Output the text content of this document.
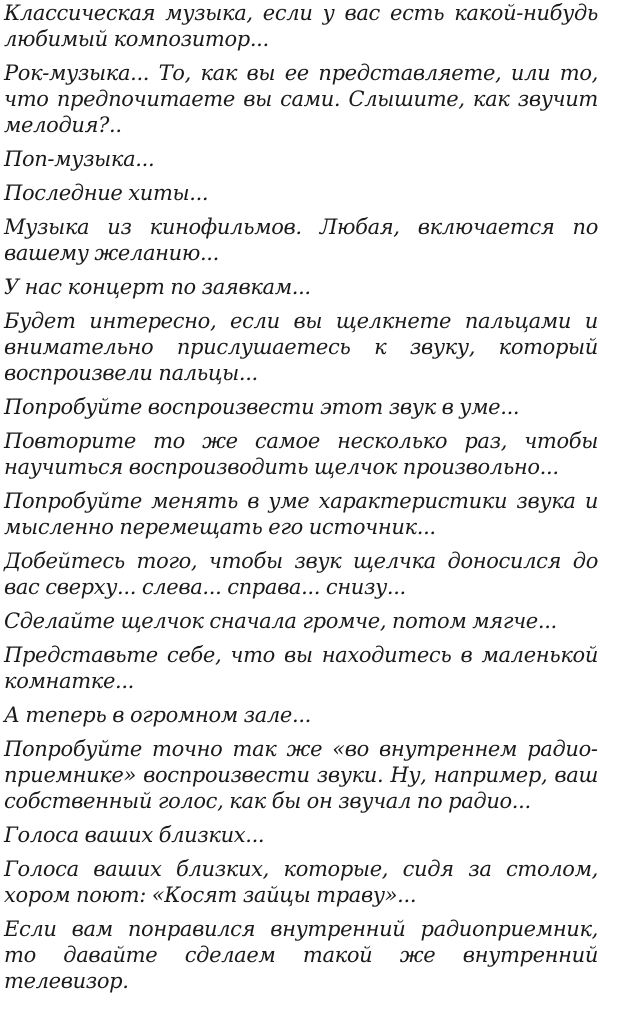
Классическая музыка, если у вас есть какой-нибудь любимый композитор...

Рок-музыка... То, как вы ее представляете, или то, что предпочитаете вы сами. Слышите, как звучит мелодия?..

Поп-музыка...

Последние хиты...

Музыка из кинофильмов. Любая, включается по вашему желанию...

У нас концерт по заявкам...

Будет интересно, если вы щелкнете пальцами и внимательно прислушаетесь к звуку, который воспроизвели пальцы...

Попробуйте воспроизвести этот звук в уме...

Повторите то же самое несколько раз, чтобы научиться воспроизводить щелчок произвольно...

Попробуйте менять в уме характеристики звука и мысленно перемещать его источник...

Добейтесь того, чтобы звук щелчка доносился до вас сверху... слева... справа... снизу...

Сделайте щелчок сначала громче, потом мягче...

Представьте себе, что вы находитесь в маленькой комнатке...

А теперь в огромном зале...

Попробуйте точно так же «во внутреннем радиоприемнике» воспроизвести звуки. Ну, например, ваш собственный голос, как бы он звучал по радио...

Голоса ваших близких...

Голоса ваших близких, которые, сидя за столом, хором поют: «Косят зайцы траву»...

Если вам понравился внутренний радиоприемник, то давайте сделаем такой же внутренний телевизор.
